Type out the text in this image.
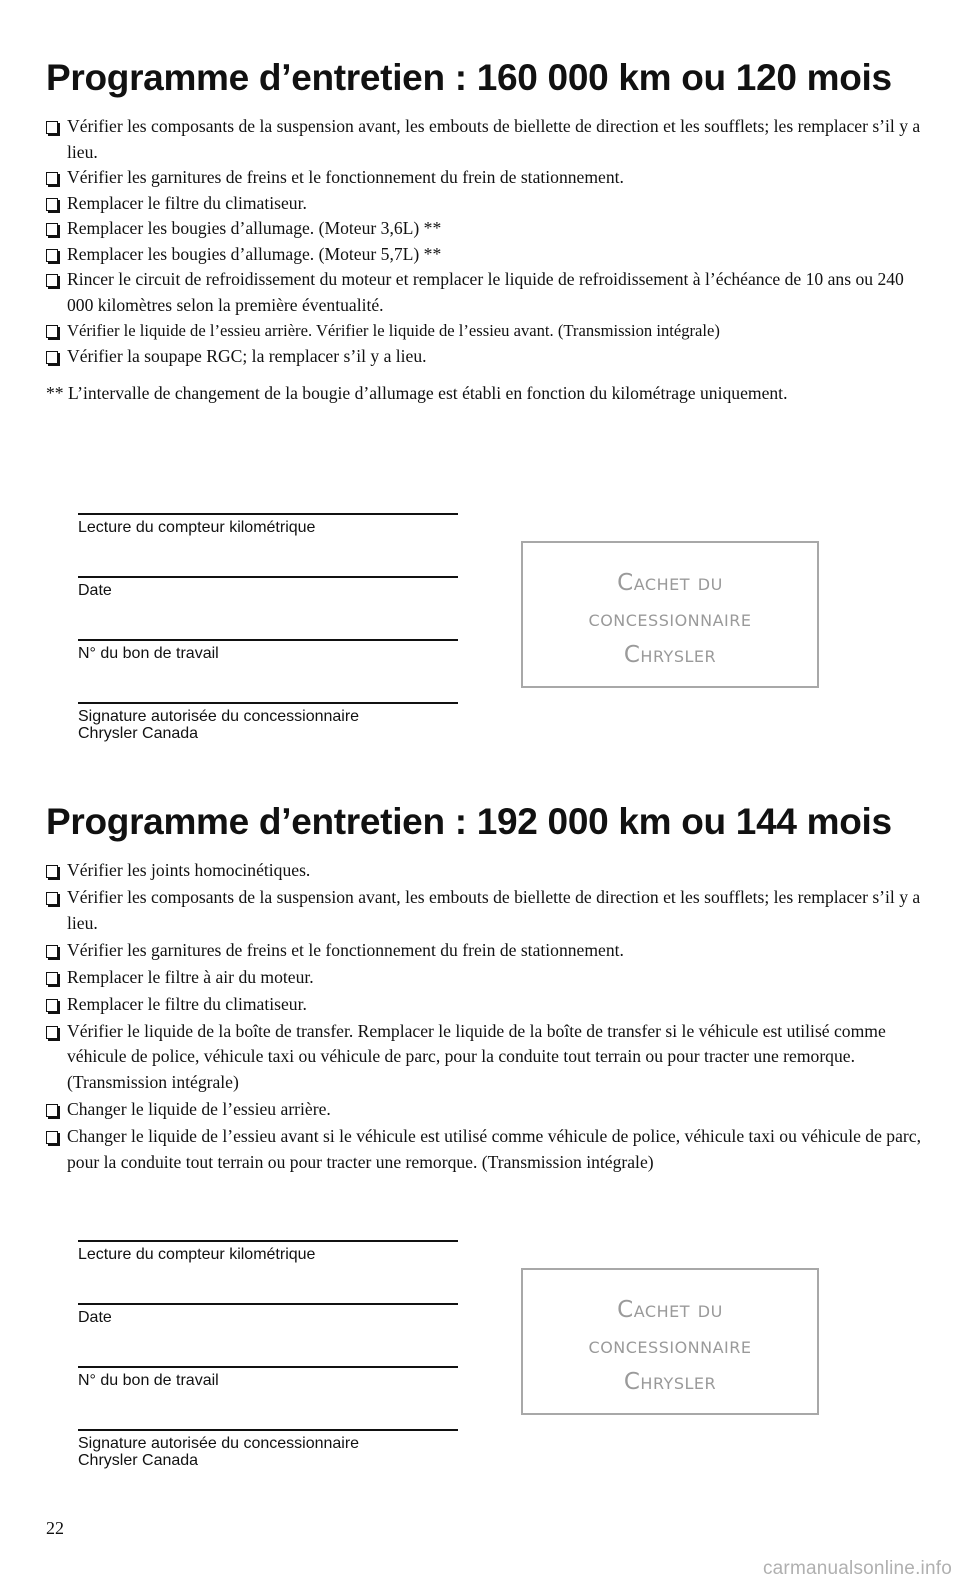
Programme d’entretien : 160 000 km ou 120 mois
Vérifier les composants de la suspension avant, les embouts de biellette de direction et les soufflets; les remplacer s’il y a lieu.
Vérifier les garnitures de freins et le fonctionnement du frein de stationnement.
Remplacer le filtre du climatiseur.
Remplacer les bougies d’allumage. (Moteur 3,6L) **
Remplacer les bougies d’allumage. (Moteur 5,7L) **
Rincer le circuit de refroidissement du moteur et remplacer le liquide de refroidissement à l’échéance de 10 ans ou 240 000 kilomètres selon la première éventualité.
Vérifier le liquide de l’essieu arrière. Vérifier le liquide de l’essieu avant. (Transmission intégrale)
Vérifier la soupape RGC; la remplacer s’il y a lieu.
** L’intervalle de changement de la bougie d’allumage est établi en fonction du kilométrage uniquement.
Lecture du compteur kilométrique
Date
N° du bon de travail
Signature autorisée du concessionnaire
Chrysler Canada
Cachet du
concessionnaire
Chrysler
Programme d’entretien : 192 000 km ou 144 mois
Vérifier les joints homocinétiques.
Vérifier les composants de la suspension avant, les embouts de biellette de direction et les soufflets; les remplacer s’il y a lieu.
Vérifier les garnitures de freins et le fonctionnement du frein de stationnement.
Remplacer le filtre à air du moteur.
Remplacer le filtre du climatiseur.
Vérifier le liquide de la boîte de transfer. Remplacer le liquide de la boîte de transfer si le véhicule est utilisé comme véhicule de police, véhicule taxi ou véhicule de parc, pour la conduite tout terrain ou pour tracter une remorque. (Transmission intégrale)
Changer le liquide de l’essieu arrière.
Changer le liquide de l’essieu avant si le véhicule est utilisé comme véhicule de police, véhicule taxi ou véhicule de parc, pour la conduite tout terrain ou pour tracter une remorque. (Transmission intégrale)
Lecture du compteur kilométrique
Date
N° du bon de travail
Signature autorisée du concessionnaire
Chrysler Canada
Cachet du
concessionnaire
Chrysler
22
carmanualsonline.info
